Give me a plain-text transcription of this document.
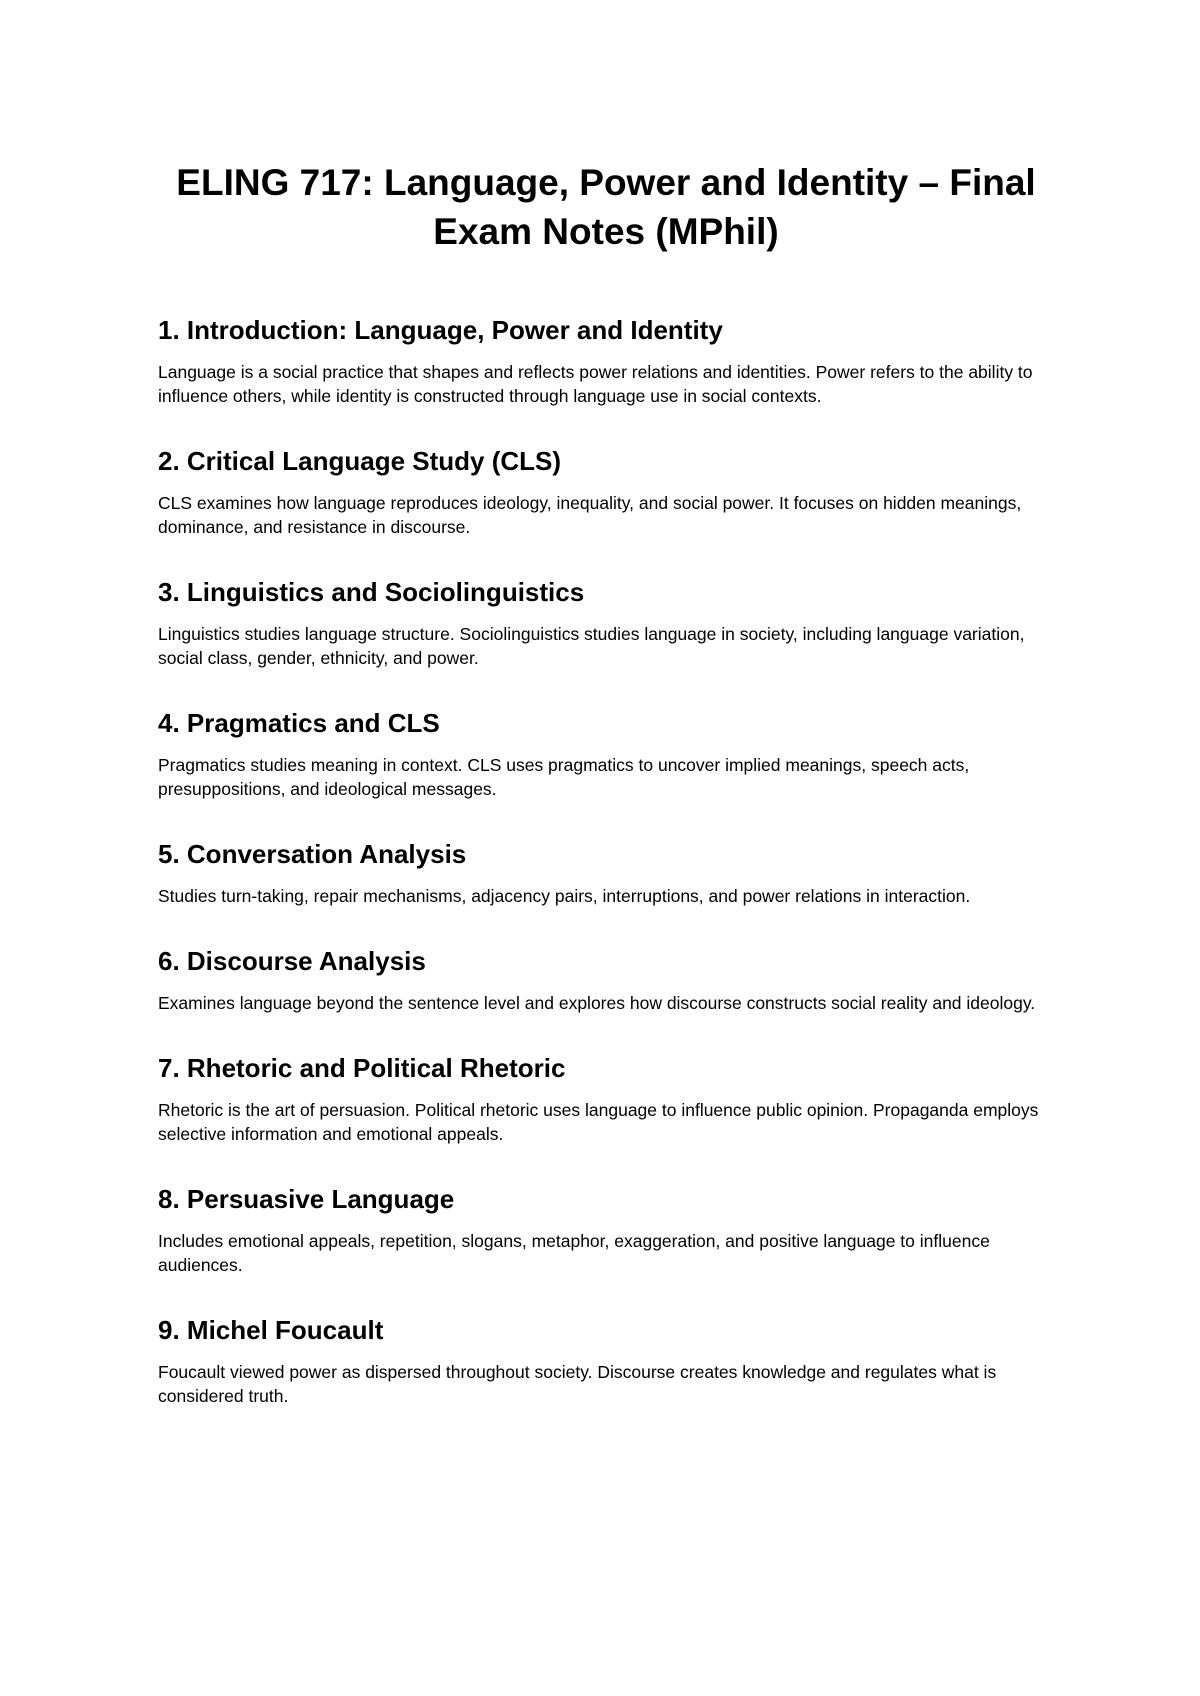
ELING 717: Language, Power and Identity – Final Exam Notes (MPhil)
1. Introduction: Language, Power and Identity

Language is a social practice that shapes and reflects power relations and identities. Power refers to the ability to influence others, while identity is constructed through language use in social contexts.

2. Critical Language Study (CLS)

CLS examines how language reproduces ideology, inequality, and social power. It focuses on hidden meanings, dominance, and resistance in discourse.

3. Linguistics and Sociolinguistics

Linguistics studies language structure. Sociolinguistics studies language in society, including language variation, social class, gender, ethnicity, and power.

4. Pragmatics and CLS

Pragmatics studies meaning in context. CLS uses pragmatics to uncover implied meanings, speech acts, presuppositions, and ideological messages.

5. Conversation Analysis

Studies turn-taking, repair mechanisms, adjacency pairs, interruptions, and power relations in interaction.

6. Discourse Analysis

Examines language beyond the sentence level and explores how discourse constructs social reality and ideology.

7. Rhetoric and Political Rhetoric

Rhetoric is the art of persuasion. Political rhetoric uses language to influence public opinion. Propaganda employs selective information and emotional appeals.

8. Persuasive Language

Includes emotional appeals, repetition, slogans, metaphor, exaggeration, and positive language to influence audiences.

9. Michel Foucault

Foucault viewed power as dispersed throughout society. Discourse creates knowledge and regulates what is considered truth.
